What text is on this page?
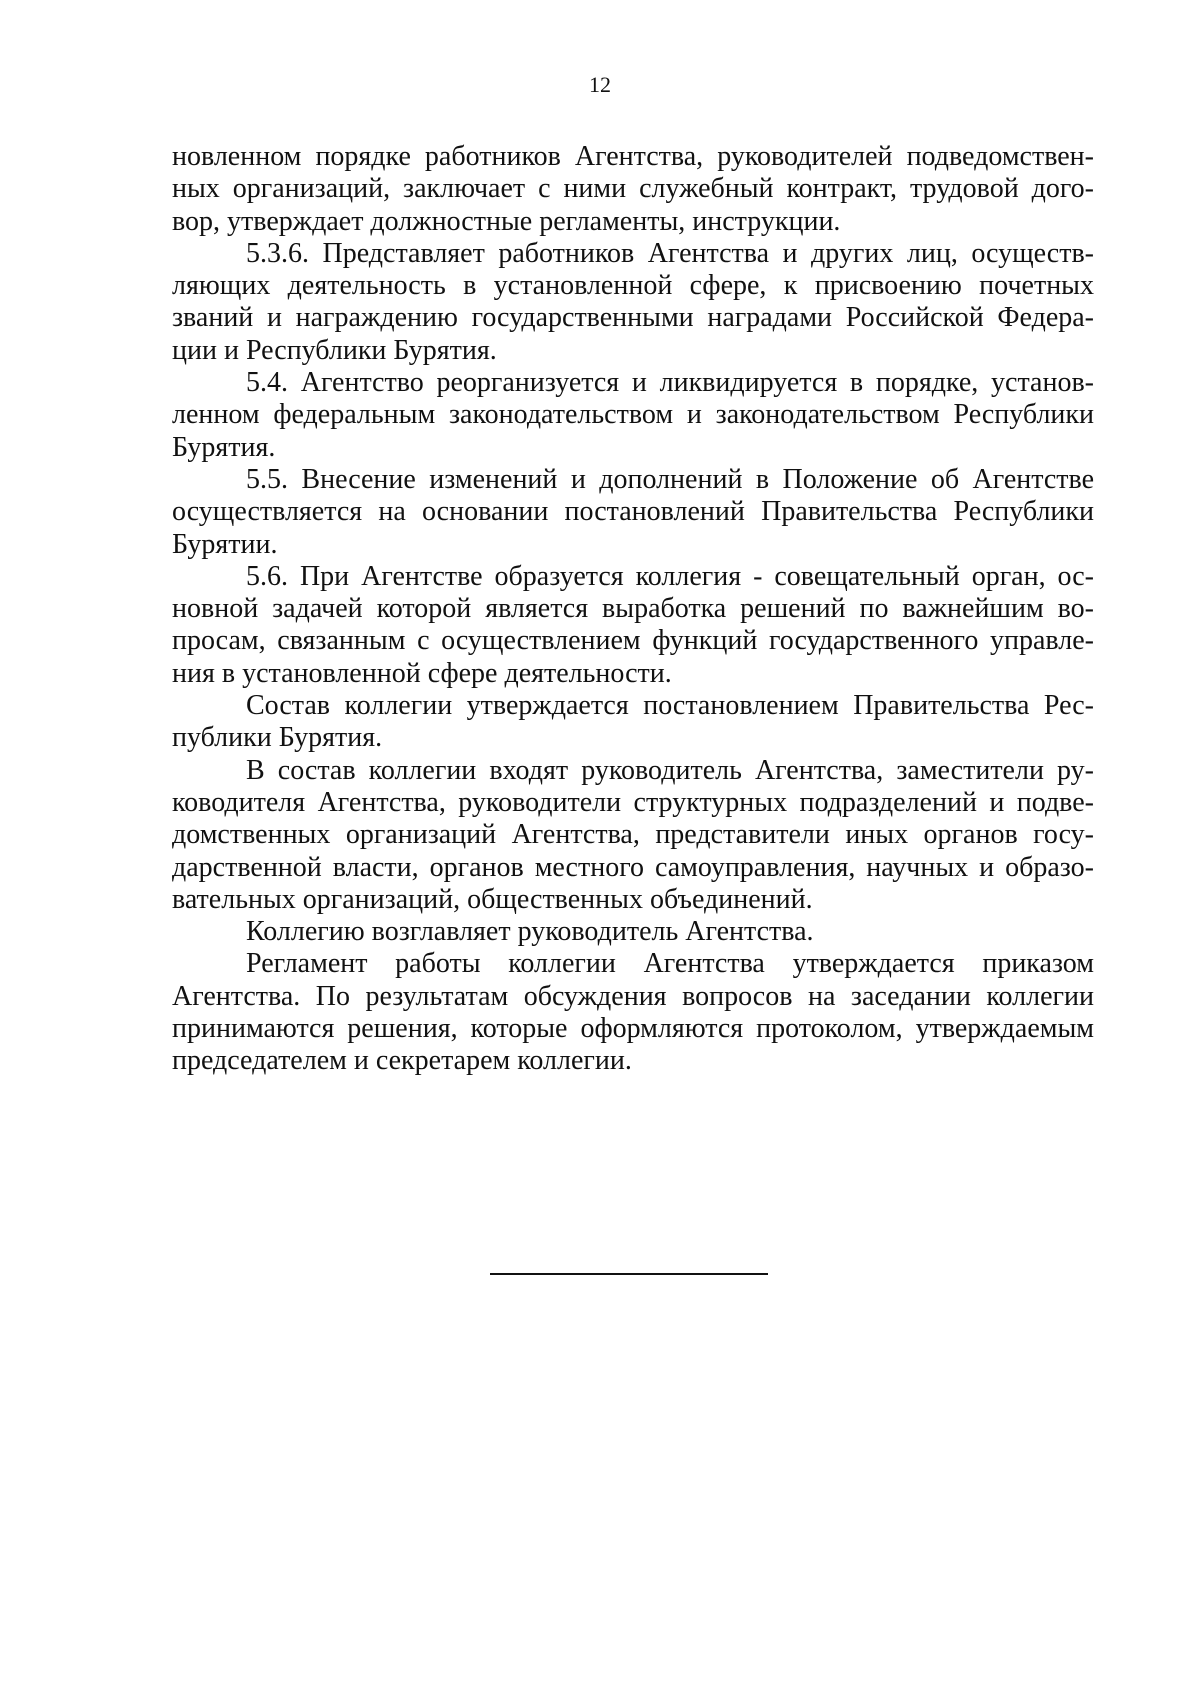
12
новленном порядке работников Агентства, руководителей подведомствен-
ных организаций, заключает с ними служебный контракт, трудовой дого-
вор, утверждает должностные регламенты, инструкции.
5.3.6. Представляет работников Агентства и других лиц, осуществ-
ляющих деятельность в установленной сфере, к присвоению почетных
званий и награждению государственными наградами Российской Федера-
ции и Республики Бурятия.
5.4. Агентство реорганизуется и ликвидируется в порядке, установ-
ленном федеральным законодательством и законодательством Республики
Бурятия.
5.5. Внесение изменений и дополнений в Положение об Агентстве
осуществляется на основании постановлений Правительства Республики
Бурятии.
5.6. При Агентстве образуется коллегия - совещательный орган, ос-
новной задачей которой является выработка решений по важнейшим во-
просам, связанным с осуществлением функций государственного управле-
ния в установленной сфере деятельности.
Состав коллегии утверждается постановлением Правительства Рес-
публики Бурятия.
В состав коллегии входят руководитель Агентства, заместители ру-
ководителя Агентства, руководители структурных подразделений и подве-
домственных организаций Агентства, представители иных органов госу-
дарственной власти, органов местного самоуправления, научных и образо-
вательных организаций, общественных объединений.
Коллегию возглавляет руководитель Агентства.
Регламент работы коллегии Агентства утверждается приказом
Агентства. По результатам обсуждения вопросов на заседании коллегии
принимаются решения, которые оформляются протоколом, утверждаемым
председателем и секретарем коллегии.
